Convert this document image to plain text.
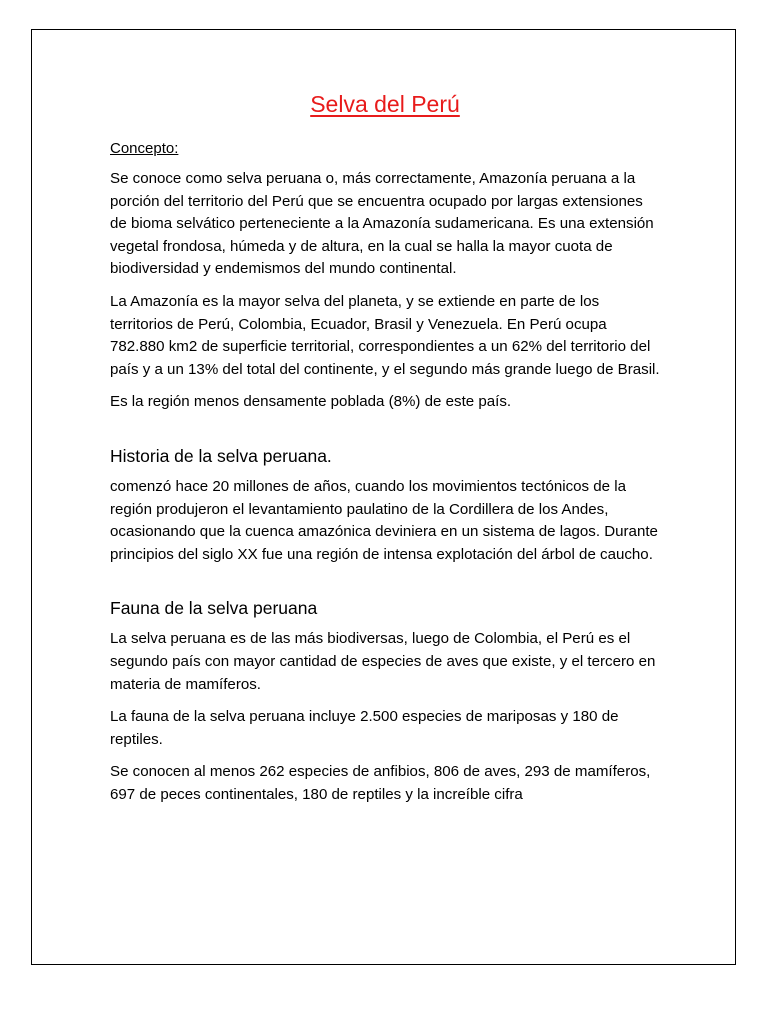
Selva del Perú
Concepto:

Se conoce como selva peruana o, más correctamente, Amazonía peruana a la porción del territorio del Perú que se encuentra ocupado por largas extensiones de bioma selvático perteneciente a la Amazonía sudamericana. Es una extensión vegetal frondosa, húmeda y de altura, en la cual se halla la mayor cuota de biodiversidad y endemismos del mundo continental.

La Amazonía es la mayor selva del planeta, y se extiende en parte de los territorios de Perú, Colombia, Ecuador, Brasil y Venezuela. En Perú ocupa 782.880 km2 de superficie territorial, correspondientes a un 62% del territorio del país y a un 13% del total del continente, y el segundo más grande luego de Brasil.

Es la región menos densamente poblada (8%) de este país.

Historia de la selva peruana.

comenzó hace 20 millones de años, cuando los movimientos tectónicos de la región produjeron el levantamiento paulatino de la Cordillera de los Andes, ocasionando que la cuenca amazónica deviniera en un sistema de lagos. Durante principios del siglo XX fue una región de intensa explotación del árbol de caucho.

Fauna de la selva peruana

La selva peruana es de las más biodiversas, luego de Colombia, el Perú es el segundo país con mayor cantidad de especies de aves que existe, y el tercero en materia de mamíferos.

La fauna de la selva peruana incluye 2.500 especies de mariposas y 180 de reptiles.

Se conocen al menos 262 especies de anfibios, 806 de aves, 293 de mamíferos, 697 de peces continentales, 180 de reptiles y la increíble cifra
